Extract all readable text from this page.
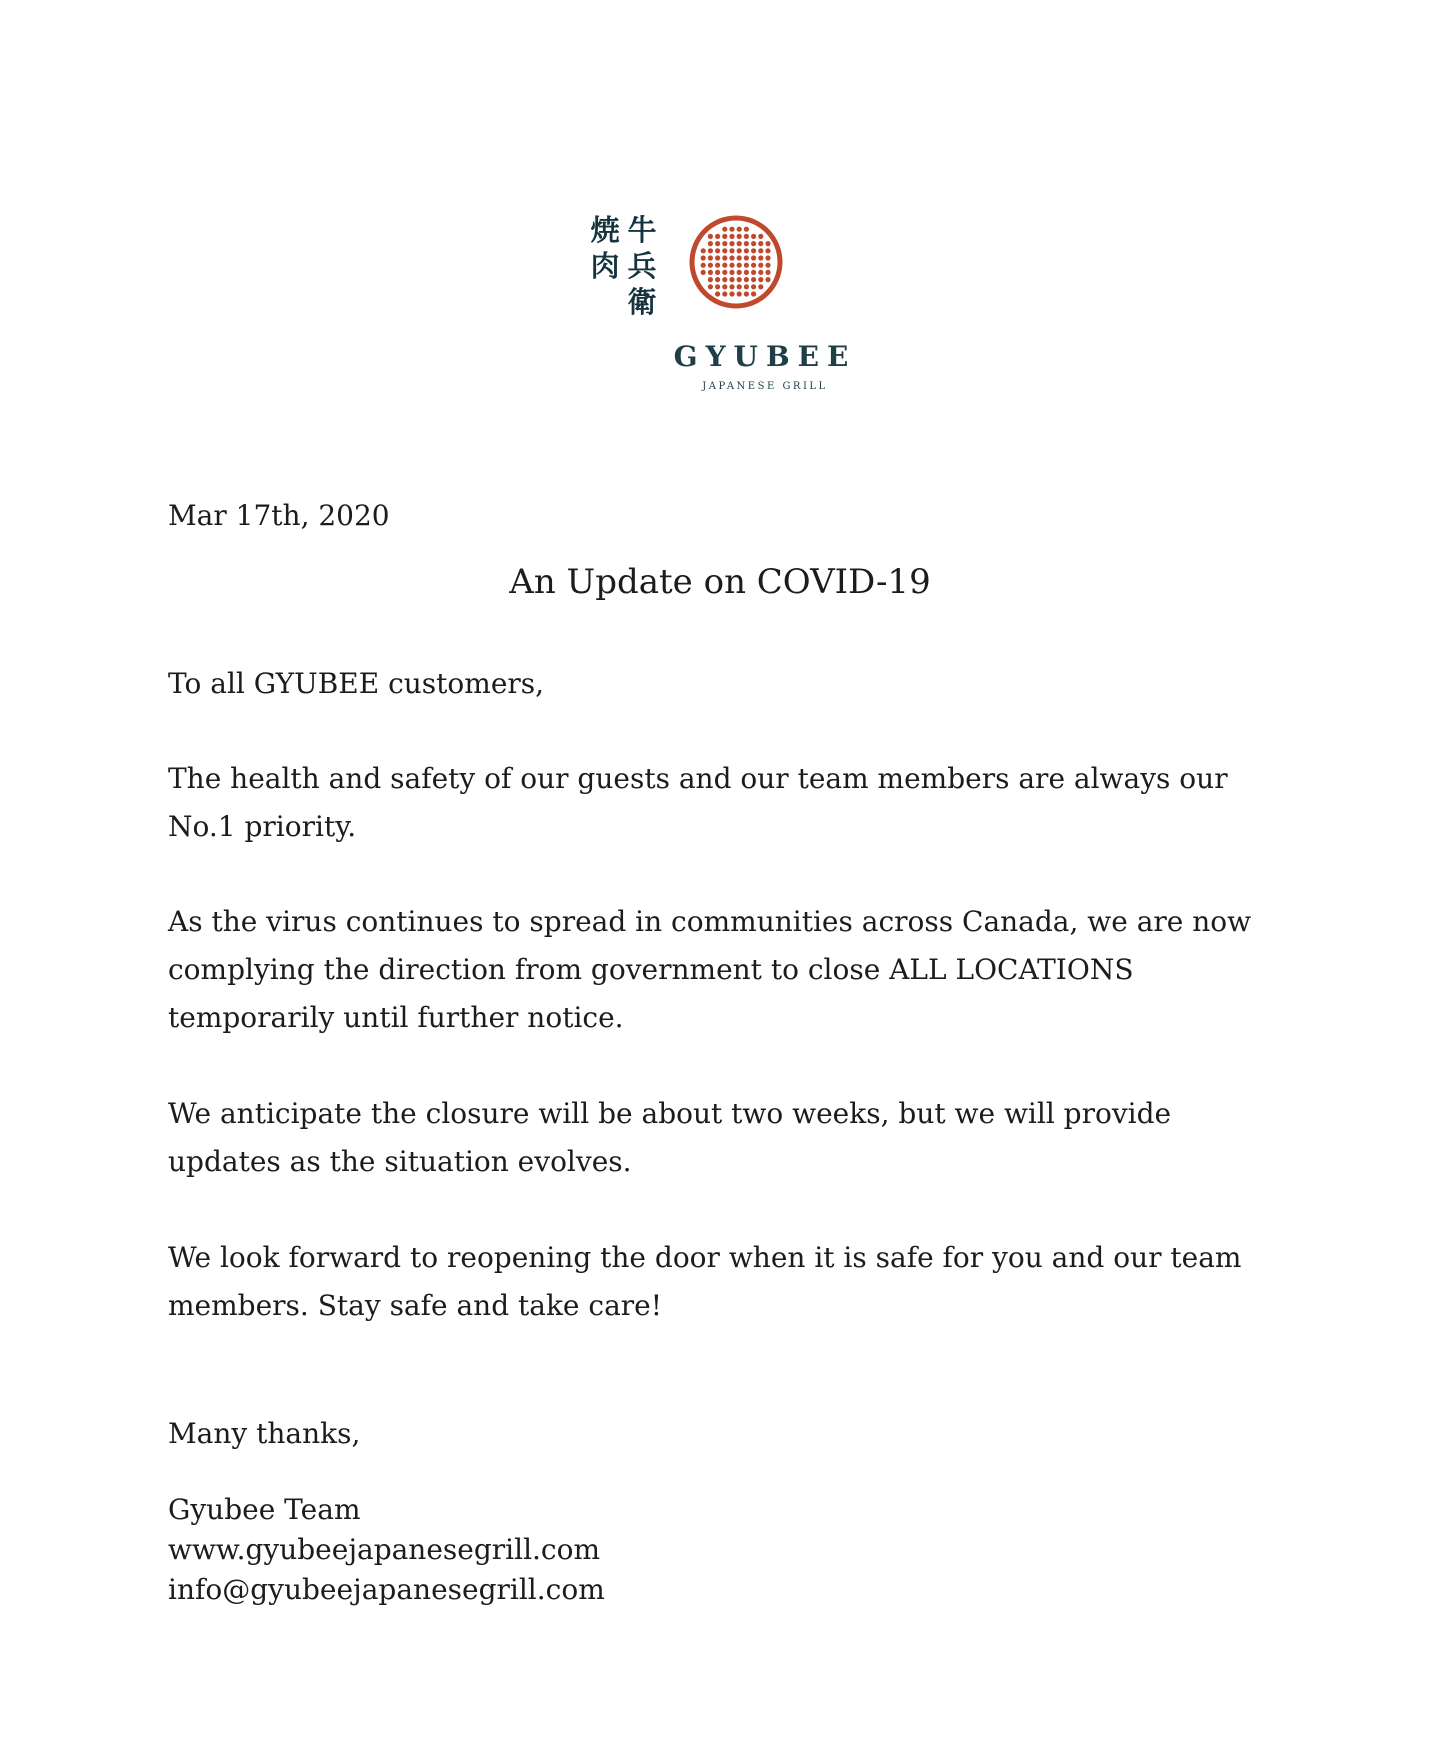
牛
兵
衛
焼
肉
GYUBEE
JAPANESE GRILL

Mar 17th, 2020

An Update on COVID-19

To all GYUBEE customers,

The health and safety of our guests and our team members are always our
No.1 priority.

As the virus continues to spread in communities across Canada, we are now
complying the direction from government to close ALL LOCATIONS
temporarily until further notice.

We anticipate the closure will be about two weeks, but we will provide
updates as the situation evolves.

We look forward to reopening the door when it is safe for you and our team
members. Stay safe and take care!

Many thanks,

Gyubee Team

www.gyubeejapanesegrill.com

info@gyubeejapanesegrill.com
